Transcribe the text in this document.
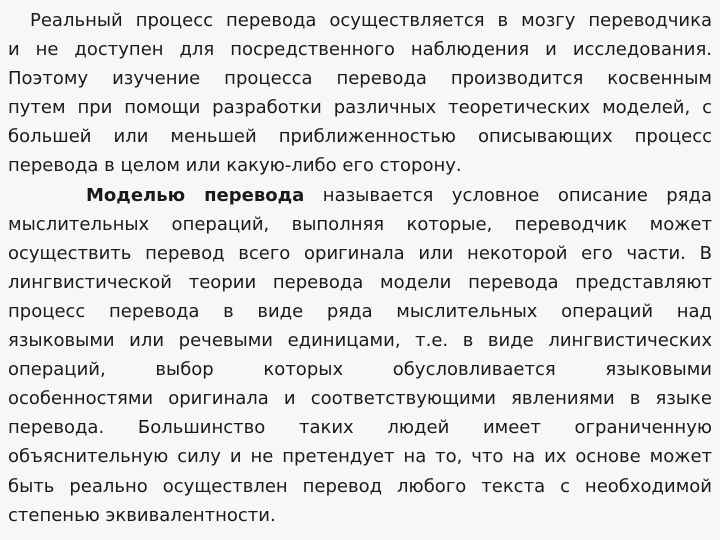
Реальный процесс перевода осуществляется в мозгу переводчика
и не доступен для посредственного наблюдения и исследования.
Поэтому изучение процесса перевода производится косвенным
путем при помощи разработки различных теоретических моделей, с
большей или меньшей приближенностью описывающих процесс
перевода в целом или какую-либо его сторону.
Моделью перевода называется условное описание ряда
мыслительных операций, выполняя которые, переводчик может
осуществить перевод всего оригинала или некоторой его части. В
лингвистической теории перевода модели перевода представляют
процесс перевода в виде ряда мыслительных операций над
языковыми или речевыми единицами, т.е. в виде лингвистических
операций, выбор которых обусловливается языковыми
особенностями оригинала и соответствующими явлениями в языке
перевода. Большинство таких людей имеет ограниченную
объяснительную силу и не претендует на то, что на их основе может
быть реально осуществлен перевод любого текста с необходимой
степенью эквивалентности.
